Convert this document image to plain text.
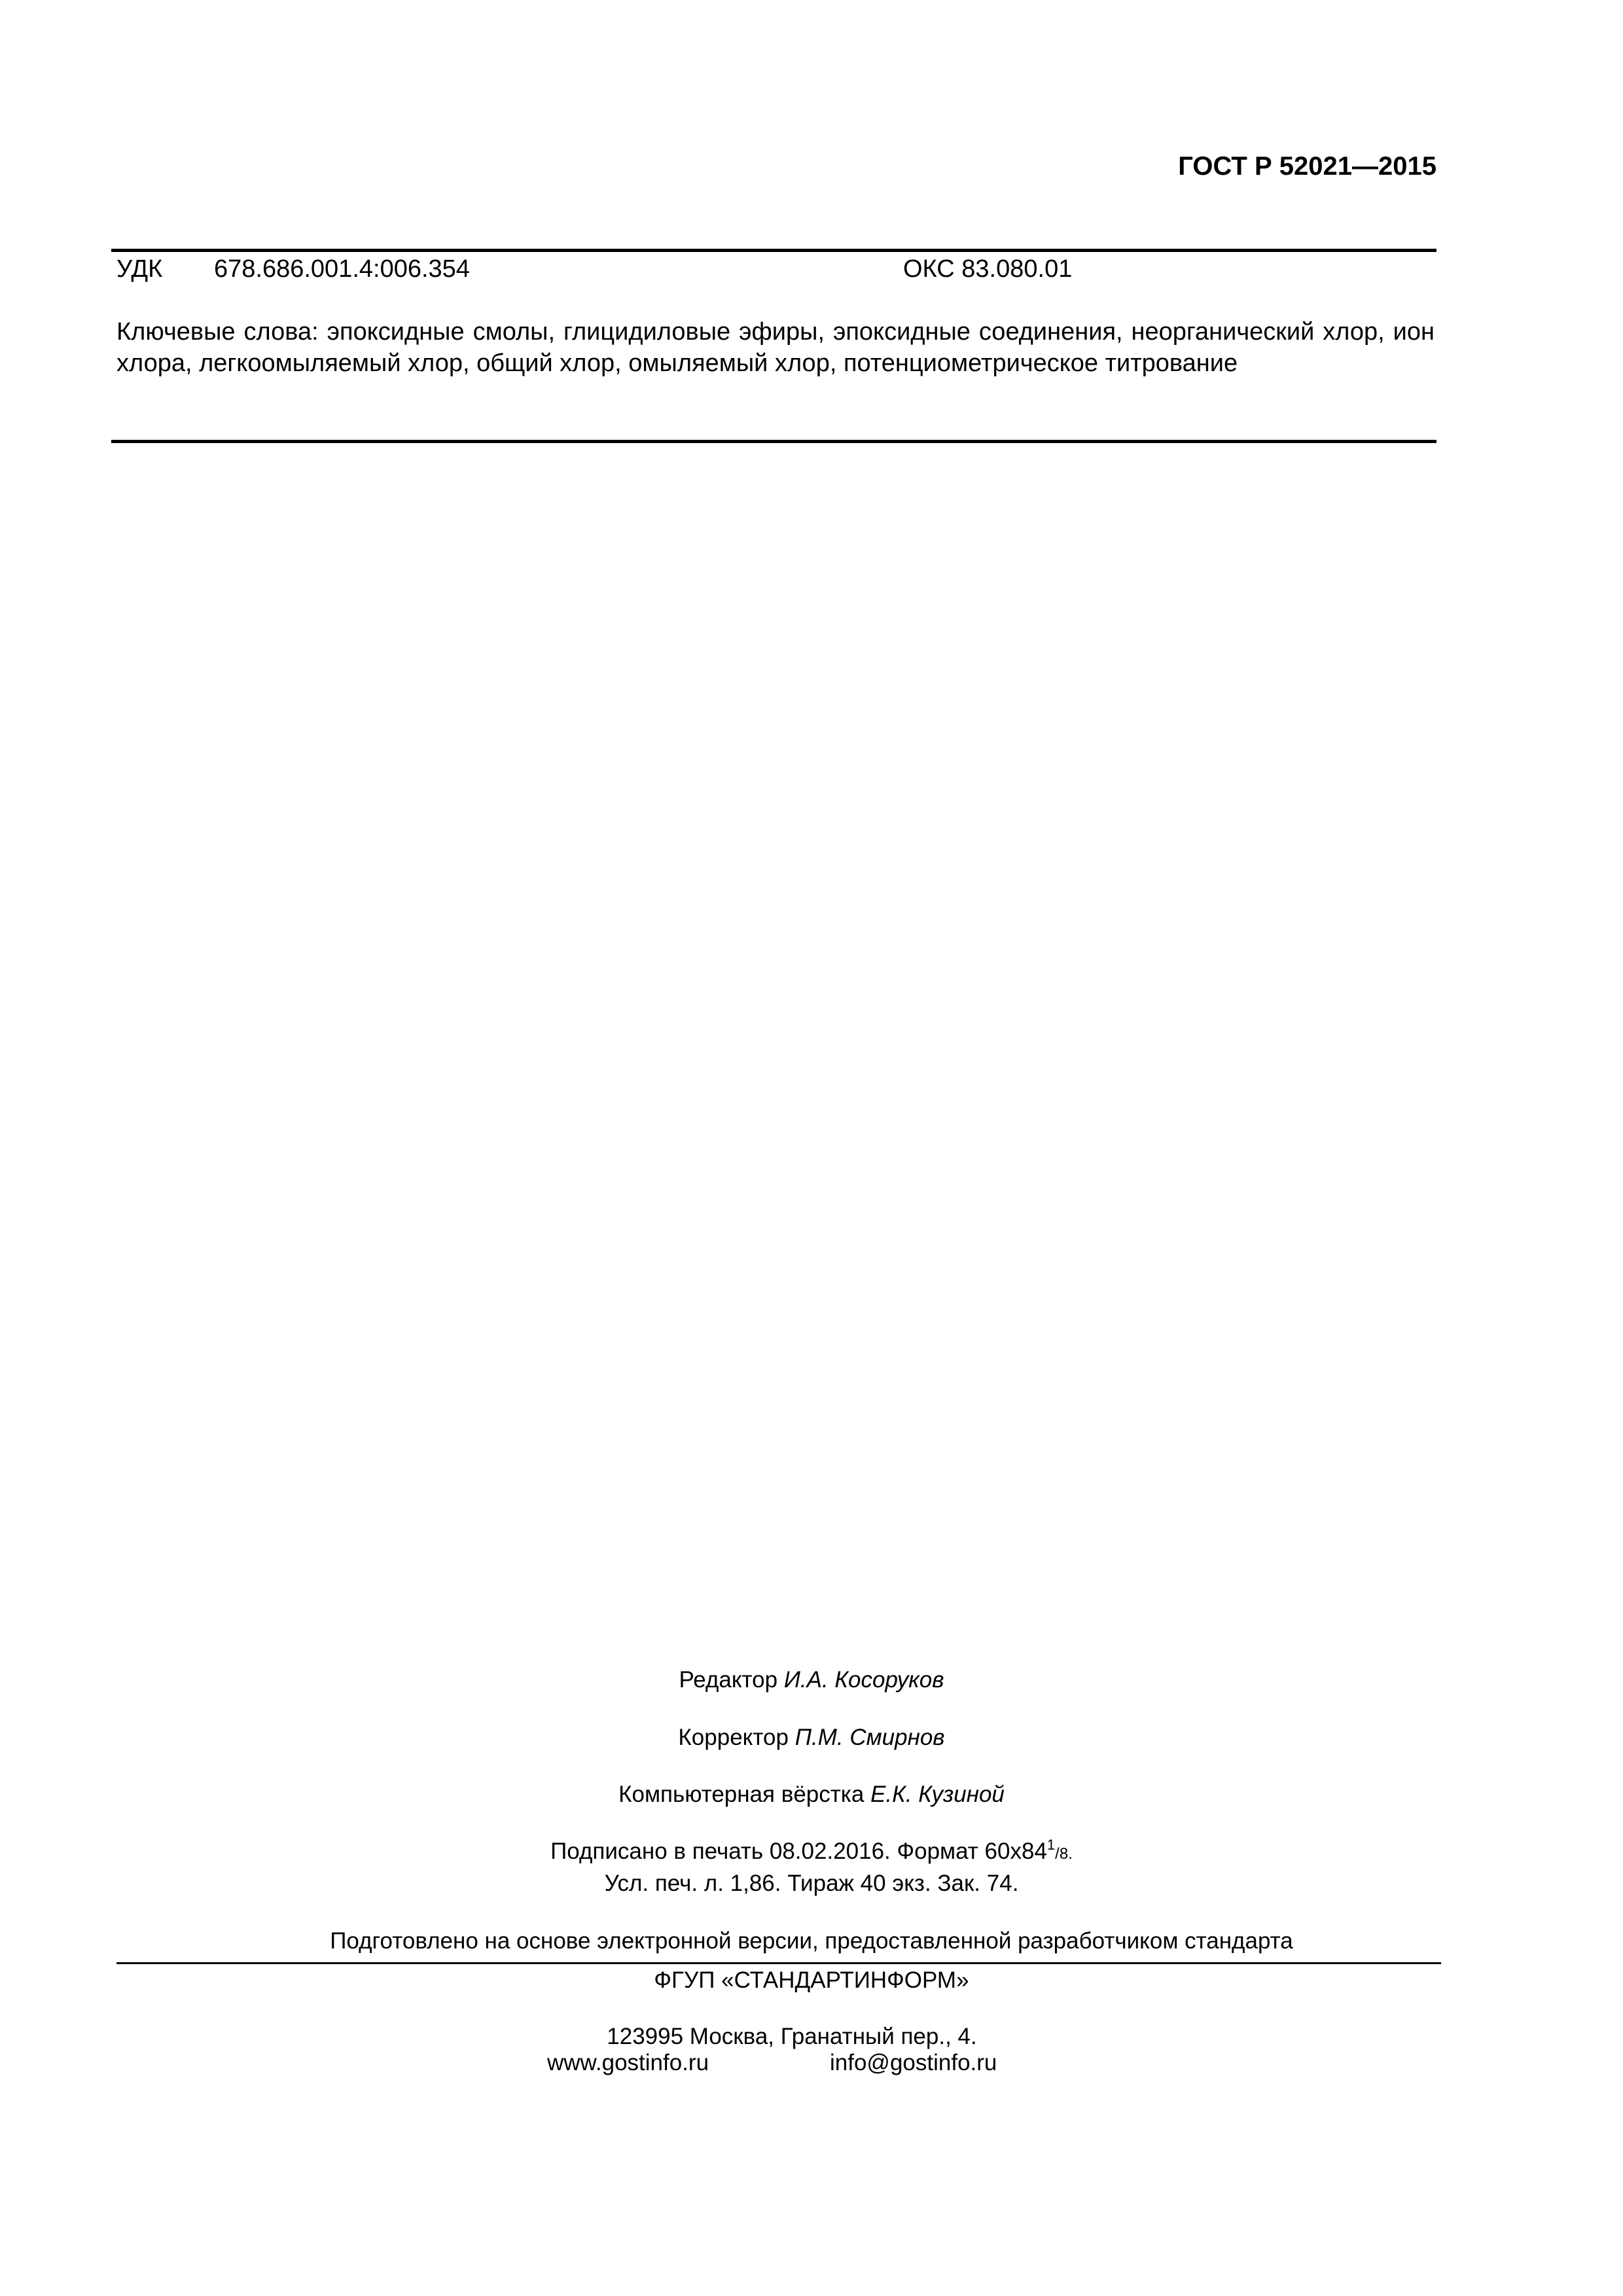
ГОСТ Р 52021—2015
УДК 678.686.001.4:006.354	ОКС 83.080.01
Ключевые слова: эпоксидные смолы, глицидиловые эфиры, эпоксидные соединения, неорганический хлор, ион хлора, легкоомыляемый хлор, общий хлор, омыляемый хлор, потенциометрическое титрование
Редактор И.А. Косоруков
Корректор П.М. Смирнов
Компьютерная вёрстка Е.К. Кузиной
Подписано в печать 08.02.2016. Формат $60х84^1/8$.
Усл. печ. л. 1,86. Тираж 40 экз. Зак. 74.
Подготовлено на основе электронной версии, предоставленной разработчиком стандарта
ФГУП «СТАНДАРТИНФОРМ»
123995 Москва, Гранатный пер., 4.
www.gostinfo.ru	info@gostinfo.ru
